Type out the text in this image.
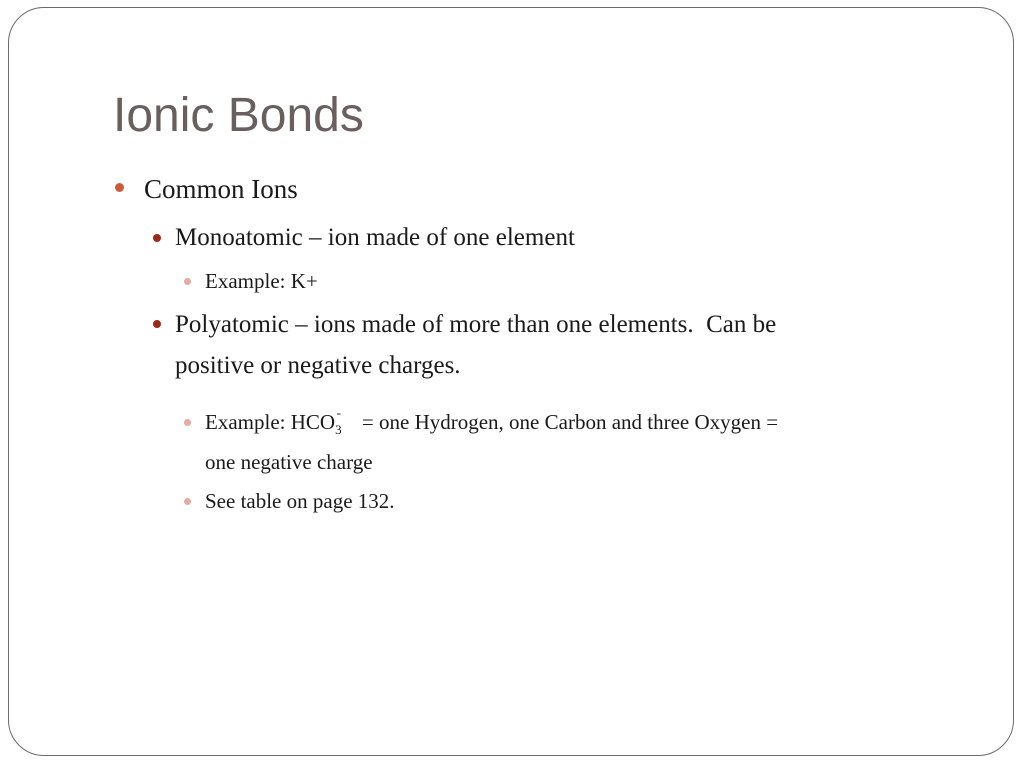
Ionic Bonds
Common Ions
Monoatomic – ion made of one element
Example: K+
Polyatomic – ions made of more than one elements.  Can be
positive or negative charges.
Example: $HCO_3^-$ = one Hydrogen, one Carbon and three Oxygen =
one negative charge
See table on page 132.
